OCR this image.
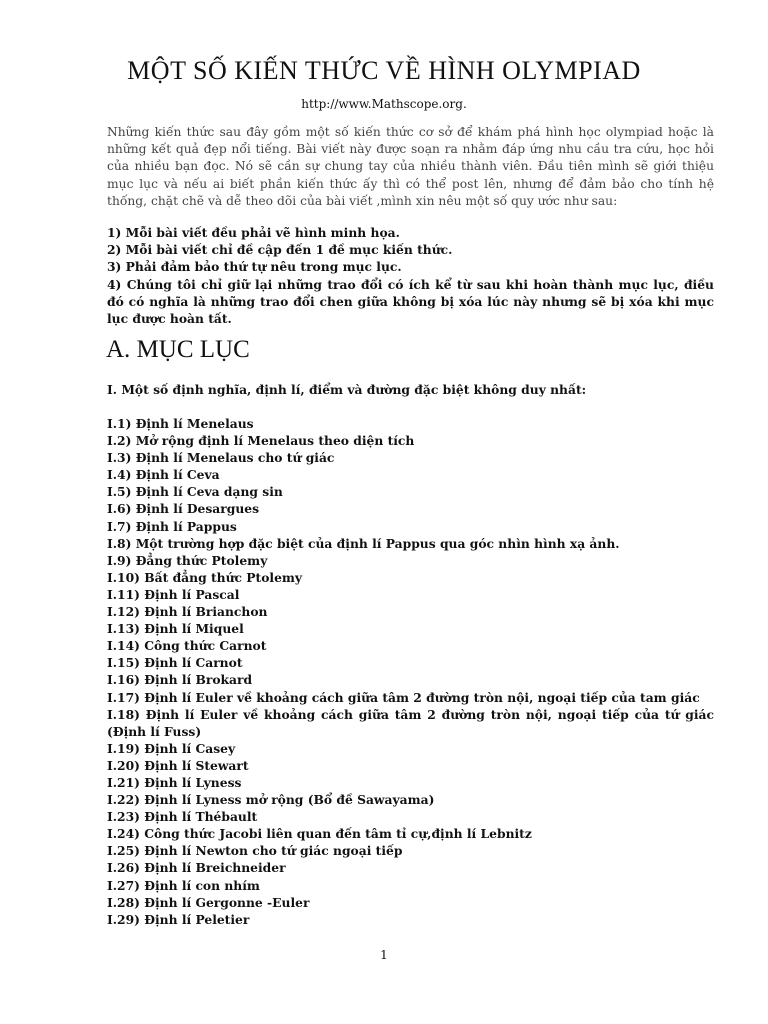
MỘT SỐ KIẾN THỨC VỀ HÌNH OLYMPIAD
http://www.Mathscope.org.
Những kiến thức sau đây gồm một số kiến thức cơ sở để khám phá hình học olympiad hoặc là những kết quả đẹp nổi tiếng. Bài viết này được soạn ra nhằm đáp ứng nhu cầu tra cứu, học hỏi của nhiều bạn đọc. Nó sẽ cần sự chung tay của nhiều thành viên. Đầu tiên mình sẽ giới thiệu mục lục và nếu ai biết phần kiến thức ấy thì có thể post lên, nhưng để đảm bảo cho tính hệ thống, chặt chẽ và dễ theo dõi của bài viết ,mình xin nêu một số quy ước như sau:
1) Mỗi bài viết đều phải vẽ hình minh họa.
2) Mỗi bài viết chỉ đề cập đến 1 đề mục kiến thức.
3) Phải đảm bảo thứ tự nêu trong mục lục.
4) Chúng tôi chỉ giữ lại những trao đổi có ích kể từ sau khi hoàn thành mục lục, điều đó có nghĩa là những trao đổi chen giữa không bị xóa lúc này nhưng sẽ bị xóa khi mục lục được hoàn tất.
A. MỤC LỤC
I. Một số định nghĩa, định lí, điểm và đường đặc biệt không duy nhất:
I.1) Định lí Menelaus
I.2) Mở rộng định lí Menelaus theo diện tích
I.3) Định lí Menelaus cho tứ giác
I.4) Định lí Ceva
I.5) Định lí Ceva dạng sin
I.6) Định lí Desargues
I.7) Định lí Pappus
I.8) Một trường hợp đặc biệt của định lí Pappus qua góc nhìn hình xạ ảnh.
I.9) Đẳng thức Ptolemy
I.10) Bất đẳng thức Ptolemy
I.11) Định lí Pascal
I.12) Định lí Brianchon
I.13) Định lí Miquel
I.14) Công thức Carnot
I.15) Định lí Carnot
I.16) Định lí Brokard
I.17) Định lí Euler về khoảng cách giữa tâm 2 đường tròn nội, ngoại tiếp của tam giác
I.18) Định lí Euler về khoảng cách giữa tâm 2 đường tròn nội, ngoại tiếp của tứ giác (Định lí Fuss)
I.19) Định lí Casey
I.20) Định lí Stewart
I.21) Định lí Lyness
I.22) Định lí Lyness mở rộng (Bổ đề Sawayama)
I.23) Định lí Thébault
I.24) Công thức Jacobi liên quan đến tâm tỉ cự,định lí Lebnitz
I.25) Định lí Newton cho tứ giác ngoại tiếp
I.26) Định lí Breichneider
I.27) Định lí con nhím
I.28) Định lí Gergonne -Euler
I.29) Định lí Peletier
1
